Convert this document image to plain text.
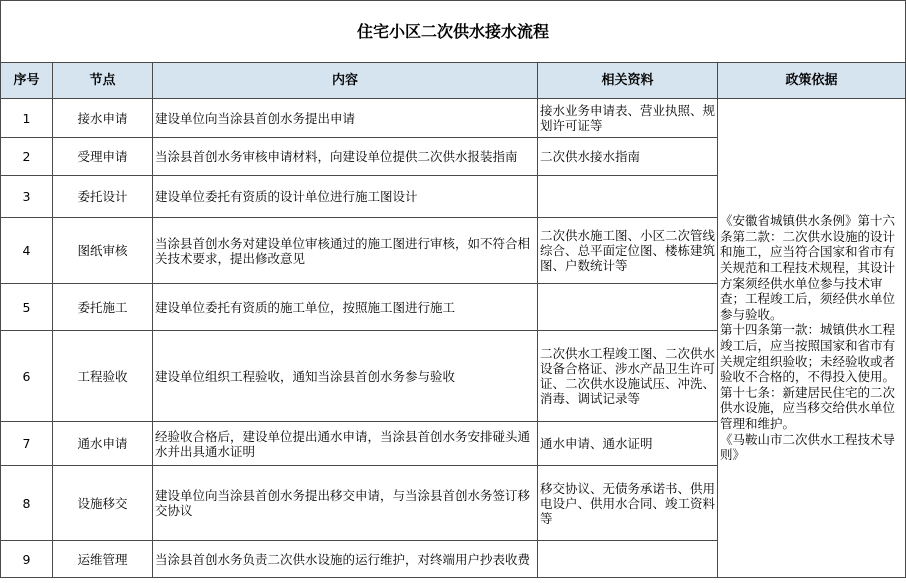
住宅小区二次供水接水流程				
序号	节点	内容	相关资料	政策依据
1	接水申请	建设单位向当涂县首创水务提出申请	接水业务申请表、营业执照、规划许可证等	《安徽省城镇供水条例》第十六条第二款：二次供水设施的设计和施工，应当符合国家和省市有关规范和工程技术规程，其设计方案须经供水单位参与技术审查；工程竣工后，须经供水单位参与验收。
第十四条第一款：城镇供水工程竣工后，应当按照国家和省市有关规定组织验收；未经验收或者验收不合格的，不得投入使用。
第十七条：新建居民住宅的二次供水设施，应当移交给供水单位管理和维护。
《马鞍山市二次供水工程技术导则》

2	受理申请	当涂县首创水务审核申请材料，向建设单位提供二次供水报装指南	二次供水接水指南	
3	委托设计	建设单位委托有资质的设计单位进行施工图设计		
4	图纸审核	当涂县首创水务对建设单位审核通过的施工图进行审核，如不符合相关技术要求，提出修改意见	二次供水施工图、小区二次管线综合、总平面定位图、楼栋建筑图、户数统计等	
5	委托施工	建设单位委托有资质的施工单位，按照施工图进行施工		
6	工程验收	建设单位组织工程验收，通知当涂县首创水务参与验收	二次供水工程竣工图、二次供水设备合格证、涉水产品卫生许可证、二次供水设施试压、冲洗、消毒、调试记录等	
7	通水申请	经验收合格后，建设单位提出通水申请，当涂县首创水务安排碰头通水并出具通水证明	通水申请、通水证明	
8	设施移交	建设单位向当涂县首创水务提出移交申请，与当涂县首创水务签订移交协议	移交协议、无债务承诺书、供用电设户、供用水合同、竣工资料等	
9	运维管理	当涂县首创水务负责二次供水设施的运行维护，对终端用户抄表收费		
